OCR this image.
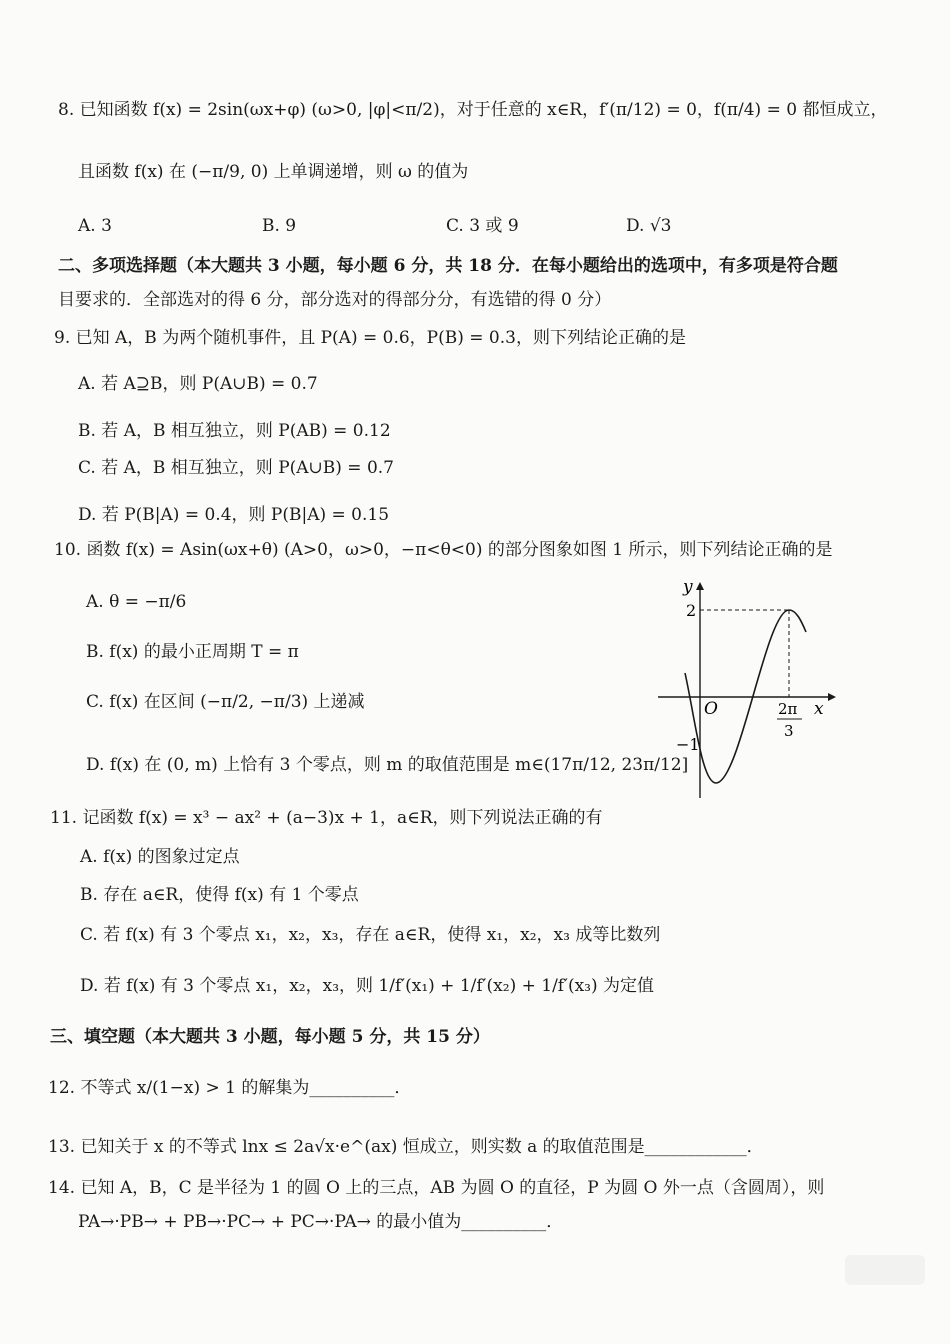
8. 已知函数 f(x) = 2sin(ωx+φ) (ω>0, |φ|<π/2)，对于任意的 x∈R，f′(π/12) = 0，f(π/4) = 0 都恒成立，
且函数 f(x) 在 (−π/9, 0) 上单调递增，则 ω 的值为
A. 3	B. 9	C. 3 或 9	D. √3
二、多项选择题（本大题共 3 小题，每小题 6 分，共 18 分．在每小题给出的选项中，有多项是符合题
目要求的．全部选对的得 6 分，部分选对的得部分分，有选错的得 0 分）
9. 已知 A，B 为两个随机事件，且 P(A) = 0.6，P(B) = 0.3，则下列结论正确的是
A. 若 A⊇B，则 P(A∪B) = 0.7
B. 若 A，B 相互独立，则 P(AB) = 0.12
C. 若 A，B 相互独立，则 P(A∪B) = 0.7
D. 若 P(B|A) = 0.4，则 P(B|A) = 0.15
10. 函数 f(x) = Asin(ωx+θ) (A>0，ω>0，−π<θ<0) 的部分图象如图 1 所示，则下列结论正确的是
A. θ = −π/6
B. f(x) 的最小正周期 T = π
C. f(x) 在区间 (−π/2, −π/3) 上递减
D. f(x) 在 (0, m) 上恰有 3 个零点，则 m 的取值范围是 m∈(17π/12, 23π/12]
y
x
O
2
−1
2π
3
11. 记函数 f(x) = x³ − ax² + (a−3)x + 1，a∈R，则下列说法正确的有
A. f(x) 的图象过定点
B. 存在 a∈R，使得 f(x) 有 1 个零点
C. 若 f(x) 有 3 个零点 x₁，x₂，x₃，存在 a∈R，使得 x₁，x₂，x₃ 成等比数列
D. 若 f(x) 有 3 个零点 x₁，x₂，x₃，则 1/f′(x₁) + 1/f′(x₂) + 1/f′(x₃) 为定值
三、填空题（本大题共 3 小题，每小题 5 分，共 15 分）
12. 不等式 x/(1−x) > 1 的解集为__________．
13. 已知关于 x 的不等式 lnx ≤ 2a√x·e^(ax) 恒成立，则实数 a 的取值范围是____________．
14. 已知 A，B，C 是半径为 1 的圆 O 上的三点，AB 为圆 O 的直径，P 为圆 O 外一点（含圆周），则
PA→·PB→ + PB→·PC→ + PC→·PA→ 的最小值为__________．
